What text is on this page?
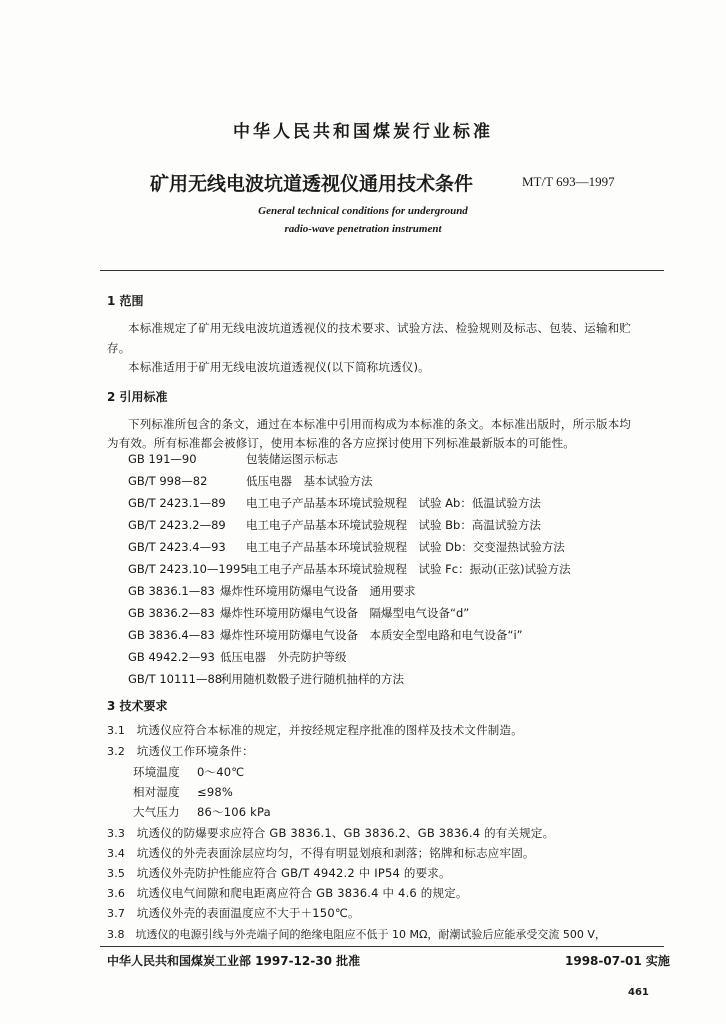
中华人民共和国煤炭行业标准
矿用无线电波坑道透视仪通用技术条件	MT/T 693—1997
General technical conditions for underground
radio-wave penetration instrument
1 范围
本标准规定了矿用无线电波坑道透视仪的技术要求、试验方法、检验规则及标志、包装、运输和贮
存。
本标准适用于矿用无线电波坑道透视仪(以下简称坑透仪)。
2 引用标准
下列标准所包含的条文，通过在本标准中引用而构成为本标准的条文。本标准出版时，所示版本均
为有效。所有标准都会被修订，使用本标准的各方应探讨使用下列标准最新版本的可能性。
GB 191—90	包装储运图示标志
GB/T 998—82	低压电器　基本试验方法
GB/T 2423.1—89 电工电子产品基本环境试验规程　试验 Ab：低温试验方法
GB/T 2423.2—89 电工电子产品基本环境试验规程　试验 Bb：高温试验方法
GB/T 2423.4—93 电工电子产品基本环境试验规程　试验 Db：交变湿热试验方法
GB/T 2423.10—1995电工电子产品基本环境试验规程　试验 Fc：振动(正弦)试验方法
GB 3836.1—83 爆炸性环境用防爆电气设备　通用要求
GB 3836.2—83 爆炸性环境用防爆电气设备　隔爆型电气设备“d”
GB 3836.4—83 爆炸性环境用防爆电气设备　本质安全型电路和电气设备“i”
GB 4942.2—93 低压电器　外壳防护等级
GB/T 10111—88利用随机数骰子进行随机抽样的方法
3 技术要求
3.1　 坑透仪应符合本标准的规定，并按经规定程序批准的图样及技术文件制造。
3.2　 坑透仪工作环境条件：
环境温度 0～40℃
相对湿度 ≤98%
大气压力 86～106 kPa
3.3　 坑透仪的防爆要求应符合 GB 3836.1、GB 3836.2、GB 3836.4 的有关规定。
3.4　 坑透仪的外壳表面涂层应均匀，不得有明显划痕和剥落；铭牌和标志应牢固。
3.5　 坑透仪外壳防护性能应符合 GB/T 4942.2 中 IP54 的要求。
3.6　 坑透仪电气间隙和爬电距离应符合 GB 3836.4 中 4.6 的规定。
3.7　 坑透仪外壳的表面温度应不大于＋150℃。
3.8　 坑透仪的电源引线与外壳端子间的绝缘电阻应不低于 10 MΩ，耐潮试验后应能承受交流 500 V，
中华人民共和国煤炭工业部 1997-12-30 批准	1998-07-01 实施
461
